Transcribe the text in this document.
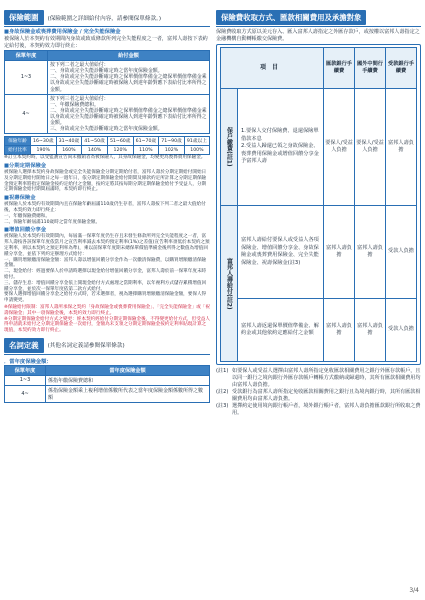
保險範圍	(保險範圍之詳細給付內容，請參閱保單條款。)
■身故保險金或喪葬費用保險金 / 完全失能保險金

被保險人於本契約有效期間內身故或致成條款所列完全失能程度之一者，富邦人壽按下表約定給付後，本契約效力即行終止：

保單年度	給付金額
1~3	按下列二者之最大值給付：
一、身故或完全失能診斷確定時之當年度保險金額。
二、身故或完全失能診斷確定時之保單價值準備金之總保單價值準備金乘以身故或完全失能診斷確定時被保險人到達年齡對應下表給付比率所得之金額。

4~	按下列三者之最大值給付：
一、年繳保險費總和。
二、身故或完全失能診斷確定時之保單價值準備金之總保單價值準備金乘以身故或完全失能診斷確定時被保險人到達年齡對應下表給付比率所得之金額。
三、身故或完全失能診斷確定時之當年度保險金額。
保險年齡	16~30歲	31~40歲	41~50歲	51~60歲	61~70歲	71~90歲	91歲以上
給付比率	190%	160%	140%	120%	110%	102%	100%

※訂立本契約時，以受監護宣告尚未撤銷者為被保險人，其身故保險金，均變更為喪葬費用保險金。

■分期定期保險金

被保險人選擇本契約身故保險金或完全失能保險金分期定期給付者，富邦人壽於分期定期給付開始日及分期定期給付開始日之每一週年日，依分期定期保險金給付期間及條款約定所計算之分期定期保險金預定利率將指定保險金按約定給付之金額，按約定將其按每期分期定期保險金給付予受益人，分期定期保險金給付期間屆滿時，本契約即行終止。

■祝壽保險金

被保險人於本契約有效期間內且在保險年齡屆滿110歲仍生存者，富邦人壽按下列二者之最大值給付後，本契約效力即行終止：

一、年繳保險費總和。

二、保險年齡屆滿110歲時之當年度保險金額。

■增值回饋分享金

被保險人於本契約有效期間內，每屆滿一保單年度仍生存且未發生條款所列完全失能程度之一者，富邦人壽按各該保單年度依當月之宣告利率減去本契約預定利率(1%)之差值(宣告利率須低於本契約之預定利率，則以本契約之預定利率為準)，乘以前保單年度期末總保單價值準備金後所得之數值為增值回饋分享金，並依下列約定辦理方式給付：

一、購買增額繳清保險金額：富邦人壽以增值回饋分享金作為一次繳清保險費，以購買增額繳清保險金額。

二、現金給付：經過要保人於申請時選擇以現金給付增值回饋分享金，富邦人壽於前一保單年度末時給付。

三、儲存生息：增值回饋分享金依上開現金給付方式處理之當期利率，以年複利方式儲存累積增值回饋分享金，並於次一保單年度依第二款方式給付。

要保人選擇增值回饋分享金之給付方式時，若未選擇者，視為選擇購買增額繳清保險金額，要保人得申請變更。

※保險給付限制：富邦人壽所承保之契約「身故保險金或喪葬費用保險金」、「完全失能保險金」或「祝壽保險金」其中一項保險金後，本契約效力即行終止。

※分期定期保險金給付方式之變更：經本契約經給付分期定期保險金後，不得變更給付方式，但受益人得申請就未給付之分期定期保險金一次給付，金額為未支領之分期定期保險金按約定利率貼現計算之現值，本契約效力即行終止。

名詞定義	(其他名詞定義請參閱保單條款)
．當年度保險金額：
保單年度	當年度保險金額
1~3	係指年繳保險費總和
4~	係指保險金額乘上複利增值係數所代表之當年度保險金額係數所得之數額
保險費收取方式、匯款相關費用及承擔對象

保險費收取方式原以美元存入、匯入富邦人壽指定之外匯存款戶，或按權以富邦人壽指定之金融機構自動轉帳繳交保險費。

項目		匯款銀行手續費	國外中間行手續費	受款銀行手續費
保戶繳費(註1)	1.要保人交付保險費、退還保險單借款本息
2.受益人歸還已領之身故保險金、喪葬費用保險金或增值回饋分享金予富邦人壽	要保人/受益人負擔	要保人/受益人負擔	富邦人壽負擔
富邦人壽給付(註2)	富邦人壽給付要保人或受益人各項保險金、增值回饋分享金、身故保險金或喪葬費用保險金、完全失能保險金、祝壽保險金(註3)	富邦人壽負擔	富邦人壽負擔	受款人負擔
	富邦人壽返還保單價值準備金、解約金或其他依約定應給付之金額	富邦人壽負擔	富邦人壽負擔	受款人負擔
(註1) 如要保人或受益人選擇由富邦人壽所指定免收匯款相關費用之銀行外匯存款帳戶，且以同一銀行之境內銀行外匯存款帳戶轉帳方式繳納或歸還時，其所有匯款相關費用均由富邦人壽負擔。
(註2) 受款銀行為富邦人壽所指定免收匯款相關費用之銀行且為境內銀行時，其所有匯款相關費用均由富邦人壽負擔。
(註3) 選擇約定使用境內銀行帳戶者，境外銀行帳戶者，富邦人壽負擔匯款銀行所收取之費用。
3/4
